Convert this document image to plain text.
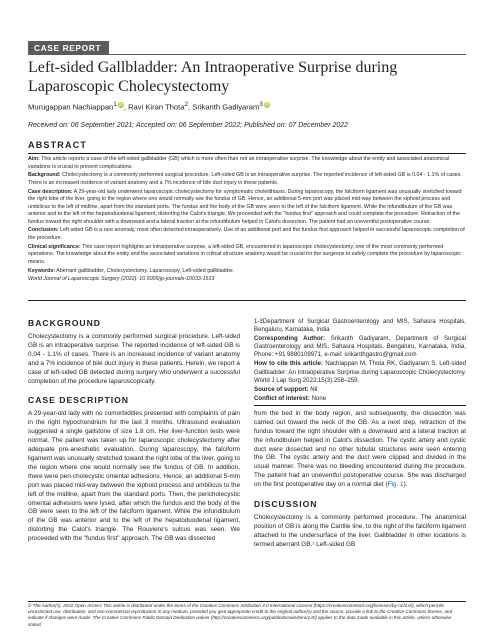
CASE REPORT
Left-sided Gallbladder: An Intraoperative Surprise during Laparoscopic Cholecystectomy
Murugappan Nachiappan$^1$ iD, Ravi Kiran Thota$^2$, Srikanth Gadiyaram$^3$ iD
Received on: 06 September 2021; Accepted on: 06 September 2022; Published on: 07 December 2022
ABSTRACT

Aim: This article reports a case of the left-sided gallbladder (GB) which is more often than not an intraoperative surprise. The knowledge about the entity and associated anatomical variations is crucial to prevent complications.

Background: Cholecystectomy is a commonly performed surgical procedure. Left-sided GB is an intraoperative surprise. The reported incidence of left-sided GB is 0.04 - 1.1% of cases. There is an increased incidence of variant anatomy and a 7% incidence of bile duct injury in these patients.

Case description: A 29-year-old lady underwent laparoscopic cholecystectomy for symptomatic cholelithiasis. During laparoscopy, the falciform ligament was unusually stretched toward the right lobe of the liver, going to the region where one would normally see the fundus of GB. Hence, an additional 5-mm port was placed mid-way between the xiphoid process and umbilicus to the left of midline, apart from the standard ports. The fundus and the body of the GB were seen to the left of the falciform ligament. While the infundibulum of the GB was anterior and to the left of the hepatoduodenal ligament, distorting the Calot's triangle. We proceeded with the "fundus first" approach and could complete the procedure. Retraction of the fundus toward the right shoulder with a downward and a lateral traction at the infundibulum helped in Calot's dissection. The patient had an uneventful postoperative course.

Conclusion: Left-sided GB is a rare anomaly, most often detected intraoperatively. Use of an additional port and the fundus-first approach helped in successful laparoscopic completion of the procedure.

Clinical significance: This case report highlights an intraoperative surprise, a left-sided GB, encountered in laparoscopic cholecystectomy, one of the most commonly performed operations. The knowledge about the entity and the associated variations in critical structure anatomy would be crucial for the surgeons to safely complete the procedure by laparoscopic means.

Keywords: Aberrant gallbladder, Cholecystectomy, Laparoscopy, Left-sided gallbladder.

World Journal of Laparoscopic Surgery (2022): 10.5005/jp-journals-10033-1513

BACKGROUND

Cholecystectomy is a commonly performed surgical procedure. Left-sided GB is an intraoperative surprise. The reported incidence of left-sided GB is 0.04 - 1.1% of cases. There is an increased incidence of variant anatomy and a 7% incidence of bile duct injury in these patients. Herein, we report a case of left-sided GB detected during surgery who underwent a successful completion of the procedure laparoscopically.

CASE DESCRIPTION

A 29-year-old lady with no comorbidities presented with complaints of pain in the right hypochondrium for the last 3 months. Ultrasound evaluation suggested a single gallstone of size 1.8 cm. Her liver-function tests were normal. The patient was taken up for laparoscopic cholecystectomy after adequate pre-anesthetic evaluation. During laparoscopy, the falciform ligament was unusually stretched toward the right lobe of the liver, going to the region where one would normally see the fundus of GB. In addition, there were peri-cholecystic omental adhesions. Hence, an additional 5-mm port was placed mid-way between the xiphoid process and umbilicus to the left of the midline, apart from the standard ports. Then, the pericholecystic omental adhesions were lysed, after which the fundus and the body of the GB were seen to the left of the falciform ligament. While the infundibulum of the GB was anterior and to the left of the hepatoduodenal ligament, distorting the Calot's triangle. The Rouviere's sulcus was seen. We proceeded with the "fundus first" approach. The GB was dissected

1-3Department of Surgical Gastroenterology and MIS, Sahasra Hospitals, Bengaluru, Karnataka, India

Corresponding Author: Srikanth Gadiyaram, Department of Surgical Gastroenterology and MIS, Sahasra Hospitals, Bengaluru, Karnataka, India, Phone: +91 9880109971, e-mail: srikanthgastro@gmail.com

How to cite this article: Nachiappan M, Thota RK, Gadiyaram S. Left-sided Gallbladder: An Intraoperative Surprise during Laparoscopic Cholecystectomy. World J Lap Surg 2022;15(3):258–259.

Source of support: Nil

Conflict of interest: None

from the bed in the body region, and subsequently, the dissection was carried out toward the neck of the GB. As a next step, retraction of the fundus toward the right shoulder with a downward and a lateral traction at the infundibulum helped in Calot's dissection. The cystic artery and cystic duct were dissected and no other tubular structures were seen entering the GB. The cystic artery and the duct were clipped and divided in the usual manner. There was no bleeding encountered during the procedure. The patient had an uneventful postoperative course. She was discharged on the first postoperative day on a normal diet (Fig. 1).

DISCUSSION

Cholecystectomy is a commonly performed procedure. The anatomical position of GB is along the Cantlie line, to the right of the falciform ligament attached to the undersurface of the liver. Gallbladder in other locations is termed aberrant GB.¹ Left-sided GB

© The Author(s). 2022 Open Access This article is distributed under the terms of the Creative Commons Attribution 4.0 International License (https://creativecommons.org/licenses/by-nc/4.0/), which permits unrestricted use, distribution, and non-commercial reproduction in any medium, provided you give appropriate credit to the original author(s) and the source, provide a link to the Creative Commons license, and indicate if changes were made. The Creative Commons Public Domain Dedication waiver (http://creativecommons.org/publicdomain/zero/1.0/) applies to the data made available in this article, unless otherwise stated.
